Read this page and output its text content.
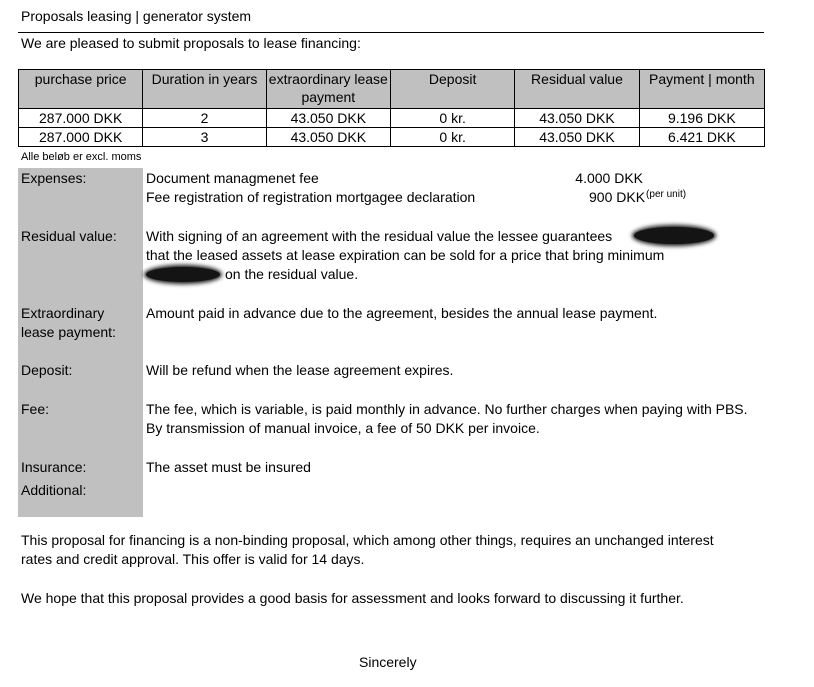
Proposals leasing | generator system
We are pleased to submit proposals to lease financing:
purchase price	Duration in years	extraordinary lease payment	Deposit	Residual value	Payment | month
287.000 DKK	2	43.050 DKK	0 kr.	43.050 DKK	9.196 DKK
287.000 DKK	3	43.050 DKK	0 kr.	43.050 DKK	6.421 DKK
Alle beløb er excl. moms
Expenses:	Document managmenet fee	4.000 DKK
Fee registration of registration mortgagee declaration	900 $DKK^{(per unit)}$
Residual value: With signing of an agreement with the residual value the lessee guarantees
that the leased assets at lease expiration can be sold for a price that bring minimum
on the residual value.
Extraordinary
lease payment:
Amount paid in advance due to the agreement, besides the annual lease payment.
Deposit:	Will be refund when the lease agreement expires.
Fee:	The fee, which is variable, is paid monthly in advance. No further charges when paying with PBS.
By transmission of manual invoice, a fee of 50 DKK per invoice.
Insurance:	The asset must be insured
Additional:
This proposal for financing is a non-binding proposal, which among other things, requires an unchanged interest
rates and credit approval. This offer is valid for 14 days.
We hope that this proposal provides a good basis for assessment and looks forward to discussing it further.
Sincerely
